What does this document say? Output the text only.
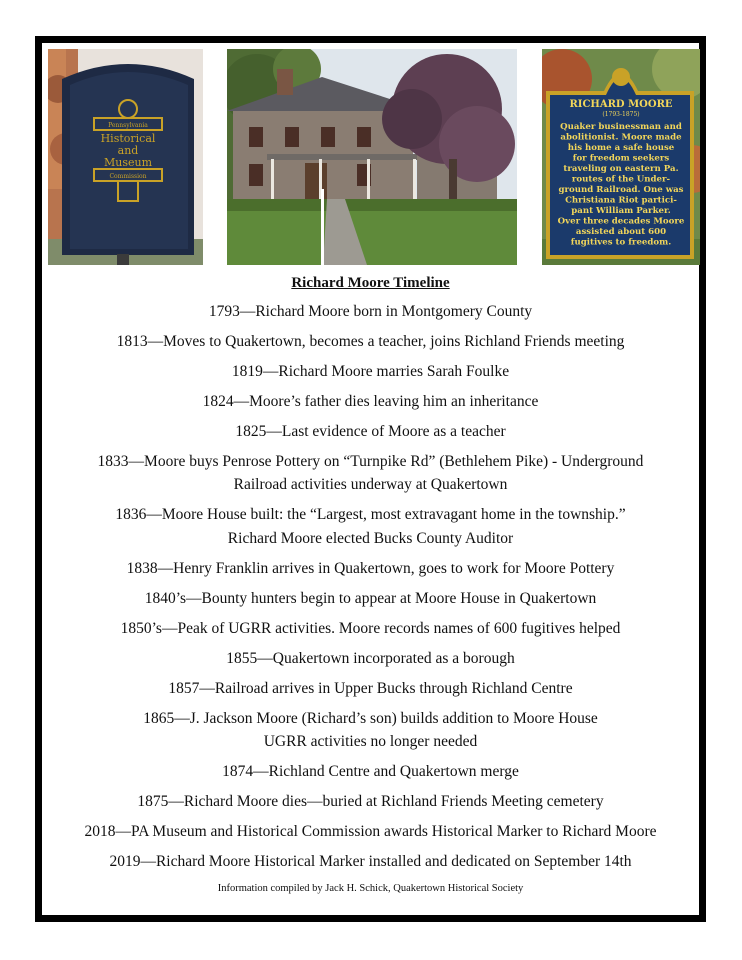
Pennsylvania
Historical
and
Museum
Commission
RICHARD MOORE
(1793-1875)
Quaker businessman and
abolitionist. Moore made
his home a safe house
for freedom seekers
traveling on eastern Pa.
routes of the Under-
ground Railroad. One was
Christiana Riot partici-
pant William Parker.
Over three decades Moore
assisted about 600
fugitives to freedom.
Richard Moore Timeline
1793—Richard Moore born in Montgomery County
1813—Moves to Quakertown, becomes a teacher, joins Richland Friends meeting
1819—Richard Moore marries Sarah Foulke
1824—Moore’s father dies leaving him an inheritance
1825—Last evidence of Moore as a teacher
1833—Moore buys Penrose Pottery on “Turnpike Rd” (Bethlehem Pike) - Underground
Railroad activities underway at Quakertown
1836—Moore House built: the “Largest, most extravagant home in the township.”
Richard Moore elected Bucks County Auditor
1838—Henry Franklin arrives in Quakertown, goes to work for Moore Pottery
1840’s—Bounty hunters begin to appear at Moore House in Quakertown
1850’s—Peak of UGRR activities. Moore records names of 600 fugitives helped
1855—Quakertown incorporated as a borough
1857—Railroad arrives in Upper Bucks through Richland Centre
1865—J. Jackson Moore (Richard’s son) builds addition to Moore House
UGRR activities no longer needed
1874—Richland Centre and Quakertown merge
1875—Richard Moore dies—buried at Richland Friends Meeting cemetery
2018—PA Museum and Historical Commission awards Historical Marker to Richard Moore
2019—Richard Moore Historical Marker installed and dedicated on September 14th
Information compiled by Jack H. Schick, Quakertown Historical Society
